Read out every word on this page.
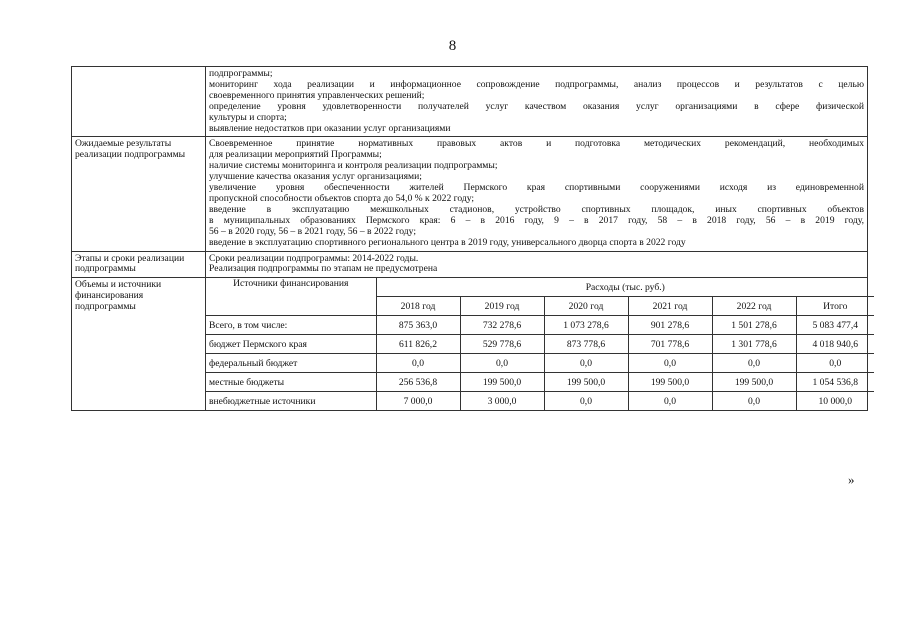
8

подпрограммы;
мониторинг хода реализации и информационное сопровождение подпрограммы, анализ процессов и результатов с целью
своевременного принятия управленческих решений;
определение уровня удовлетворенности получателей услуг качеством оказания услуг организациями в сфере физической
культуры и спорта;
выявление недостатков при оказании услуг организациями

Ожидаемые результаты реализации подпрограммы	
Своевременное принятие нормативных правовых актов и подготовка методических рекомендаций, необходимых
для реализации мероприятий Программы;
наличие системы мониторинга и контроля реализации подпрограммы;
улучшение качества оказания услуг организациями;
увеличение уровня обеспеченности жителей Пермского края спортивными сооружениями исходя из единовременной
пропускной способности объектов спорта до 54,0 % к 2022 году;
введение в эксплуатацию межшкольных стадионов, устройство спортивных площадок, иных спортивных объектов
в муниципальных образованиях Пермского края: 6 – в 2016 году, 9 – в 2017 году, 58 – в 2018 году, 56 – в 2019 году,
56 – в 2020 году, 56 – в 2021 году, 56 – в 2022 году;
введение в эксплуатацию спортивного регионального центра в 2019 году, универсального дворца спорта в 2022 году

Этапы и сроки реализации подпрограммы	
Сроки реализации подпрограммы: 2014-2022 годы.
Реализация подпрограммы по этапам не предусмотрена

Объемы и источники финансирования подпрограммы	
Источники финансирования	Расходы (тыс. руб.)
2018 год	2019 год	2020 год	2021 год	2022 год	Итого
Всего, в том числе:	875 363,0	732 278,6	1 073 278,6	901 278,6	1 501 278,6	5 083 477,4
бюджет Пермского края	611 826,2	529 778,6	873 778,6	701 778,6	1 301 778,6	4 018 940,6
федеральный бюджет	0,0	0,0	0,0	0,0	0,0	0,0
местные бюджеты	256 536,8	199 500,0	199 500,0	199 500,0	199 500,0	1 054 536,8
внебюджетные источники	7 000,0	3 000,0	0,0	0,0	0,0	10 000,0
»
